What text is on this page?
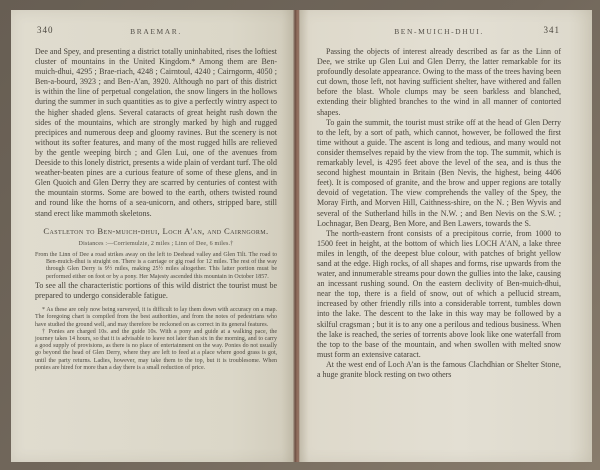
340	BRAEMAR.

Dee and Spey, and presenting a district totally uninhabited, rises the loftiest cluster of mountains in the United Kingdom.* Among them are Ben-muich-dhui, 4295 ; Brae-riach, 4248 ; Cairntoul, 4240 ; Cairngorm, 4050 ; Ben-a-bourd, 3923 ; and Ben-A'an, 3920. Although no part of this district is within the line of perpetual congelation, the snow lingers in the hollows during the summer in such quantities as to give a perfectly wintry aspect to the higher shaded glens. Several cataracts of great height rush down the sides of the mountains, which are strongly marked by high and rugged precipices and numerous deep and gloomy ravines. But the scenery is not without its softer features, and many of the most rugged hills are relieved by the gentle weeping birch ; and Glen Lui, one of the avenues from Deeside to this lonely district, presents a wide plain of verdant turf. The old weather-beaten pines are a curious feature of some of these glens, and in Glen Quoich and Glen Derry they are scarred by centuries of contest with the mountain storms. Some are bowed to the earth, others twisted round and round like the horns of a sea-unicorn, and others, stripped bare, still stand erect like mammoth skeletons.

Castleton to Ben-muich-dhui, Loch A'an, and Cairngorm.
Distances :—Corriemulzie, 2 miles ; Linn of Dee, 6 miles.†
From the Linn of Dee a road strikes away on the left to Deehead valley and Glen Tilt. The road to Ben-muich-dhui is straight on. There is a carriage or gig road for 12 miles. The rest of the way through Glen Derry is 9½ miles, making 25½ miles altogether. This latter portion must be performed either on foot or by a pony. Her Majesty ascended this mountain in October 1857.

To see all the characteristic portions of this wild district the tourist must be prepared to undergo considerable fatigue.

* As these are only now being surveyed, it is difficult to lay them down with accuracy on a map. The foregoing chart is compiled from the best authorities, and from the notes of pedestrians who have studied the ground well, and may therefore be reckoned on as correct in its general features.

† Ponies are charged 10s. and the guide 10s. With a pony and guide at a walking pace, the journey takes 14 hours, so that it is advisable to leave not later than six in the morning, and to carry a good supply of provisions, as there is no place of entertainment on the way. Ponies do not usually go beyond the head of Glen Derry, where they are left to feed at a place where good grass is got, until the party returns. Ladies, however, may take them to the top, but it is troublesome. When ponies are hired for more than a day there is a small reduction of price.

BEN-MUICH-DHUI.	341

Passing the objects of interest already described as far as the Linn of Dee, we strike up Glen Lui and Glen Derry, the latter remarkable for its profoundly desolate appearance. Owing to the mass of the trees having been cut down, those left, not having sufficient shelter, have withered and fallen before the blast. Whole clumps may be seen barkless and blanched, extending their blighted branches to the wind in all manner of contorted shapes.

To gain the summit, the tourist must strike off at the head of Glen Derry to the left, by a sort of path, which cannot, however, be followed the first time without a guide. The ascent is long and tedious, and many would not consider themselves repaid by the view from the top. The summit, which is remarkably level, is 4295 feet above the level of the sea, and is thus the second highest mountain in Britain (Ben Nevis, the highest, being 4406 feet). It is composed of granite, and the brow and upper regions are totally devoid of vegetation. The view comprehends the valley of the Spey, the Moray Firth, and Morven Hill, Caithness-shire, on the N. ; Ben Wyvis and several of the Sutherland hills in the N.W. ; and Ben Nevis on the S.W. ; Lochnagar, Ben Dearg, Ben More, and Ben Lawers, towards the S.

The north-eastern front consists of a precipitous corrie, from 1000 to 1500 feet in height, at the bottom of which lies LOCH A'AN, a lake three miles in length, of the deepest blue colour, with patches of bright yellow sand at the edge. High rocks, of all shapes and forms, rise upwards from the water, and innumerable streams pour down the gullies into the lake, causing an incessant rushing sound. On the eastern declivity of Ben-muich-dhui, near the top, there is a field of snow, out of which a pellucid stream, increased by other friendly rills into a considerable torrent, tumbles down into the lake. The descent to the lake in this way may be followed by a skilful cragsman ; but it is to any one a perilous and tedious business. When the lake is reached, the series of torrents above look like one waterfall from the top to the base of the mountain, and when swollen with melted snow must form an extensive cataract.

At the west end of Loch A'an is the famous Clachdhian or Shelter Stone, a huge granite block resting on two others
